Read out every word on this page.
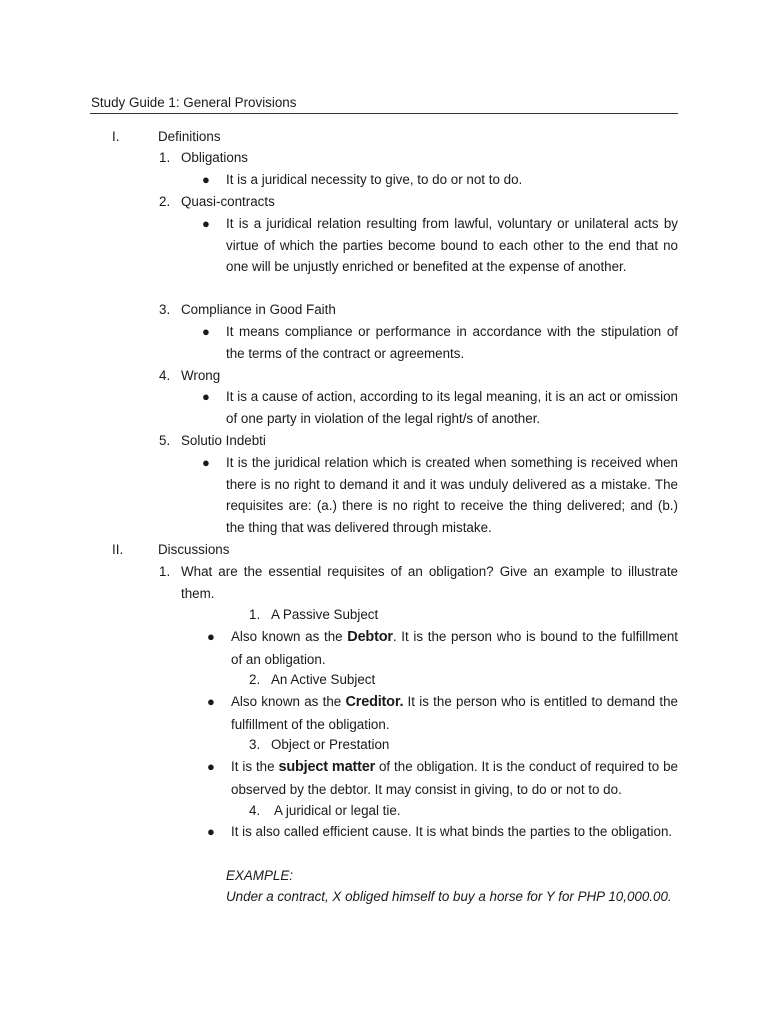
Study Guide 1: General Provisions
I.	Definitions
1. Obligations
● It is a juridical necessity to give, to do or not to do.
2. Quasi-contracts
● It is a juridical relation resulting from lawful, voluntary or unilateral acts by virtue of which the parties become bound to each other to the end that no one will be unjustly enriched or benefited at the expense of another.
3. Compliance in Good Faith
● It means compliance or performance in accordance with the stipulation of the terms of the contract or agreements.
4. Wrong
● It is a cause of action, according to its legal meaning, it is an act or omission of one party in violation of the legal right/s of another.
5. Solutio Indebti
● It is the juridical relation which is created when something is received when there is no right to demand it and it was unduly delivered as a mistake. The requisites are: (a.) there is no right to receive the thing delivered; and (b.) the thing that was delivered through mistake.
II.	Discussions
1. What are the essential requisites of an obligation? Give an example to illustrate them.
1. A Passive Subject
● Also known as the Debtor. It is the person who is bound to the fulfillment of an obligation.
2. An Active Subject
● Also known as the Creditor. It is the person who is entitled to demand the fulfillment of the obligation.
3. Object or Prestation
● It is the subject matter of the obligation. It is the conduct of required to be observed by the debtor. It may consist in giving, to do or not to do.
4. A juridical or legal tie.
● It is also called efficient cause. It is what binds the parties to the obligation.
EXAMPLE:
Under a contract, X obliged himself to buy a horse for Y for PHP 10,000.00.
